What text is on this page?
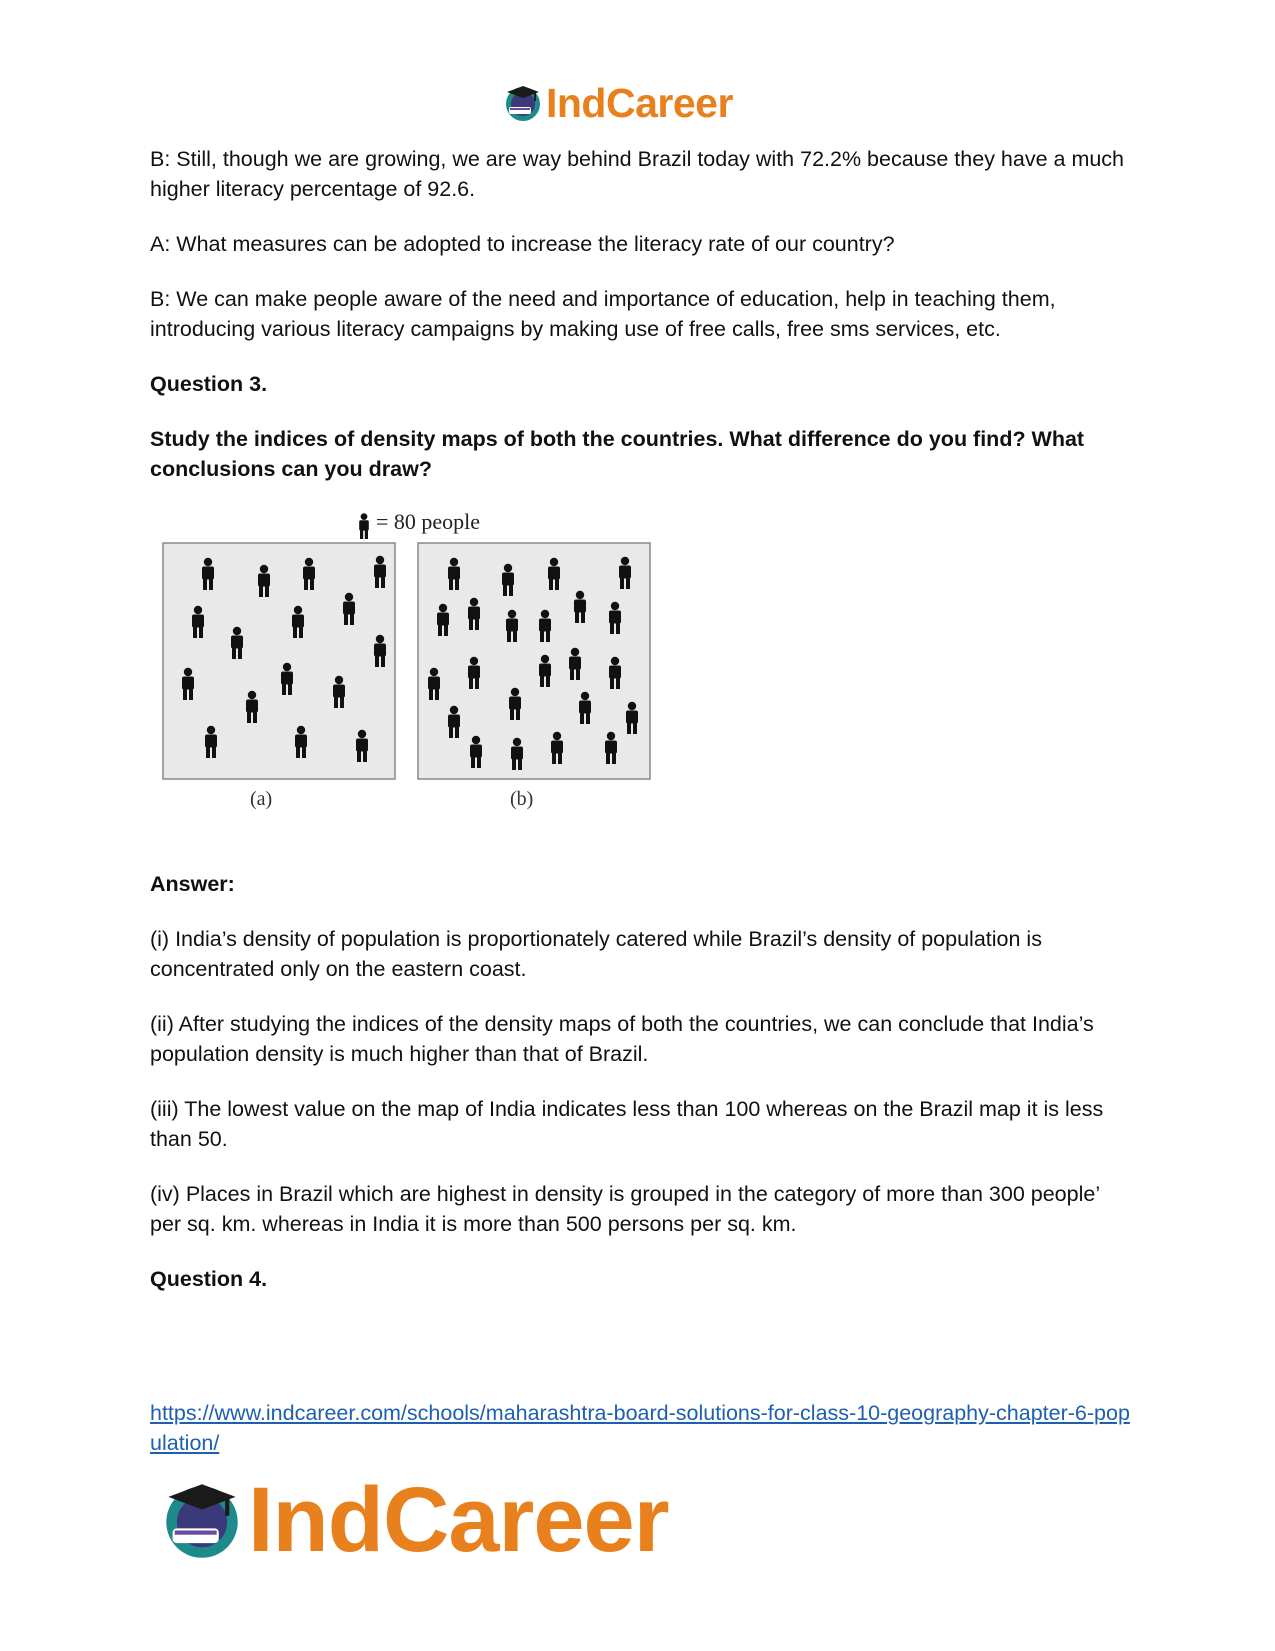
IndCareer

B: Still, though we are growing, we are way behind Brazil today with 72.2% because they have a much higher literacy percentage of 92.6.

A: What measures can be adopted to increase the literacy rate of our country?

B: We can make people aware of the need and importance of education, help in teaching them, introducing various literacy campaigns by making use of free calls, free sms services, etc.

Question 3.

Study the indices of density maps of both the countries. What difference do you find? What conclusions can you draw?

= 80 people
(a)	(b)

Answer:

(i) India’s density of population is proportionately catered while Brazil’s density of population is concentrated only on the eastern coast.

(ii) After studying the indices of the density maps of both the countries, we can conclude that India’s population density is much higher than that of Brazil.

(iii) The lowest value on the map of India indicates less than 100 whereas on the Brazil map it is less than 50.

(iv) Places in Brazil which are highest in density is grouped in the category of more than 300 people’ per sq. km. whereas in India it is more than 500 persons per sq. km.

Question 4.

https://www.indcareer.com/schools/maharashtra-board-solutions-for-class-10-geography-chapter-6-population/
IndCareer
